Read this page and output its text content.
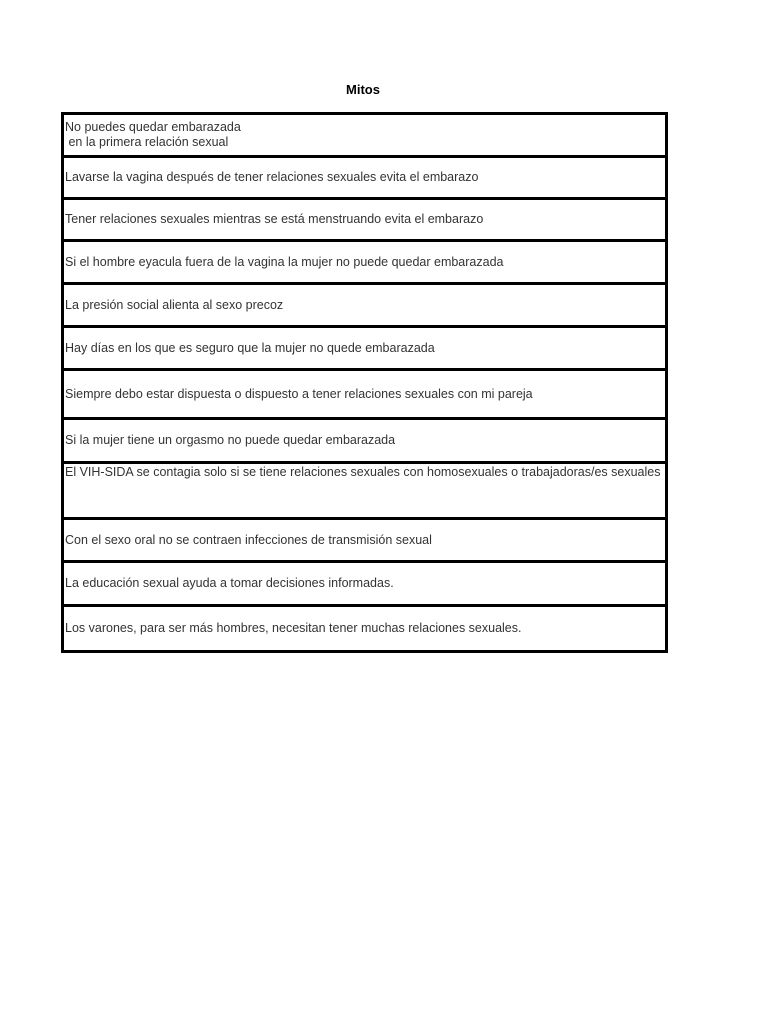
Mitos
No puedes quedar embarazada
en la primera relación sexual
Lavarse la vagina después de tener relaciones sexuales evita el embarazo
Tener relaciones sexuales mientras se está menstruando evita el embarazo
Si el hombre eyacula fuera de la vagina la mujer no puede quedar embarazada
La presión social alienta al sexo precoz
Hay días en los que es seguro que la mujer no quede embarazada
Siempre debo estar dispuesta o dispuesto a tener relaciones sexuales con mi pareja
Si la mujer tiene un orgasmo no puede quedar embarazada
El VIH-SIDA se contagia solo si se tiene relaciones sexuales con homosexuales o trabajadoras/es sexuales
Con el sexo oral no se contraen infecciones de transmisión sexual
La educación sexual ayuda a tomar decisiones informadas.
Los varones, para ser más hombres, necesitan tener muchas relaciones sexuales.
